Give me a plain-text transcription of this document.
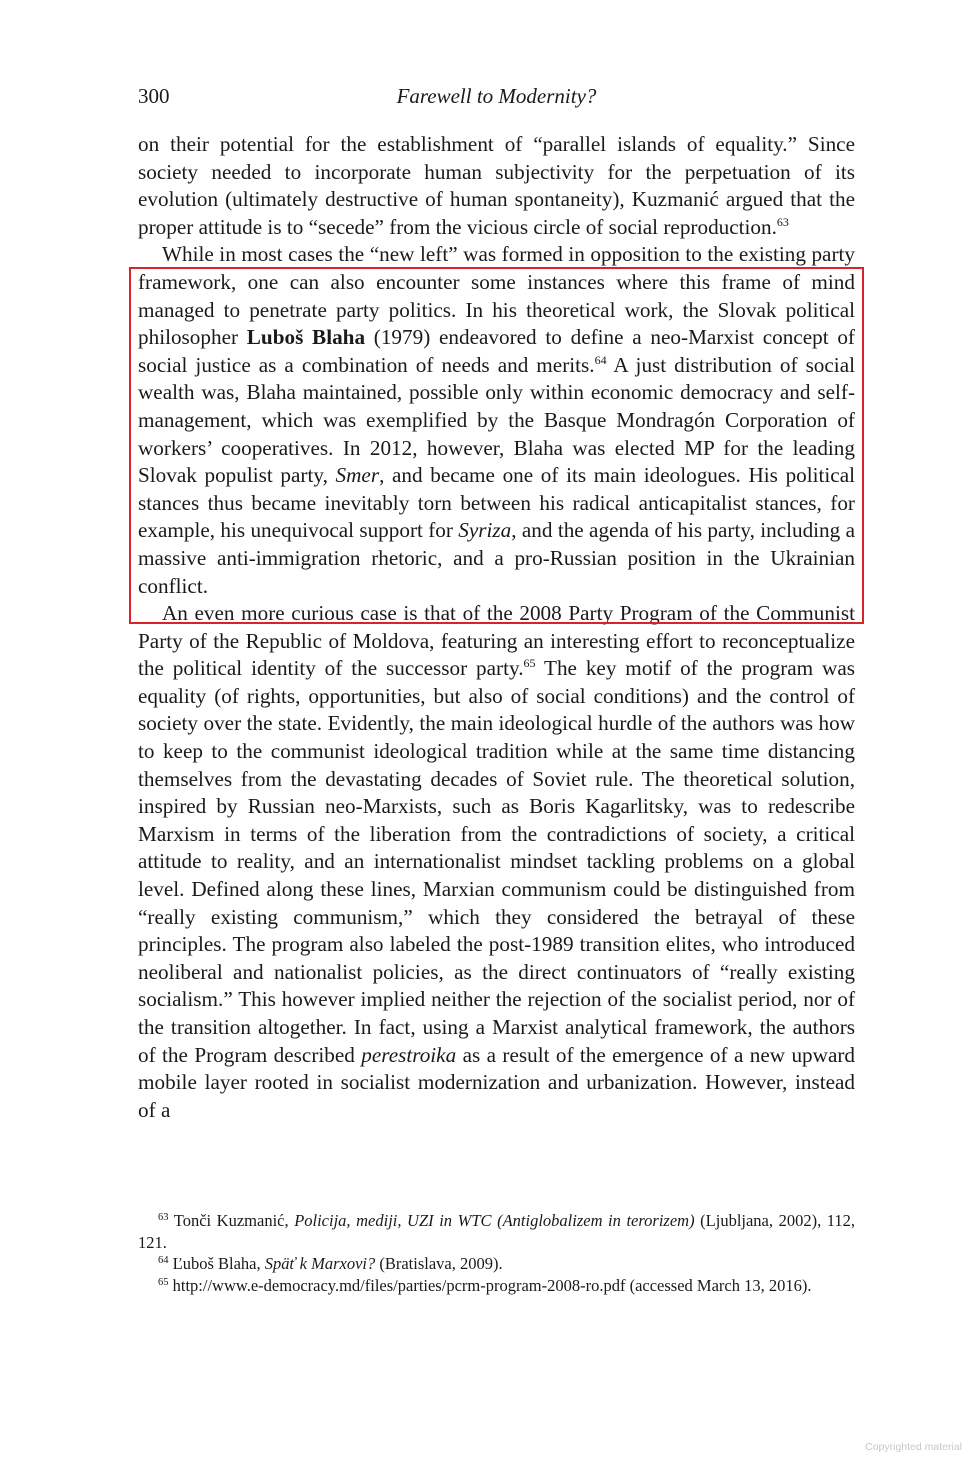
300	Farewell to Modernity?

on their potential for the establishment of “parallel islands of equality.” Since society needed to incorporate human subjectivity for the perpetuation of its evolution (ultimately destructive of human spontaneity), Kuzmanić argued that the proper attitude is to “secede” from the vicious circle of social reproduction.$^{63}$

While in most cases the “new left” was formed in opposition to the existing party framework, one can also encounter some instances where this frame of mind managed to penetrate party politics. In his theoretical work, the Slovak political philosopher Luboš Blaha (1979) endeavored to define a neo-Marxist concept of social justice as a combination of needs and merits.$^{64}$ A just distribution of social wealth was, Blaha maintained, possible only within economic democracy and self-management, which was exemplified by the Basque Mondragón Corporation of workers’ cooperatives. In 2012, however, Blaha was elected MP for the leading Slovak populist party, Smer, and became one of its main ideologues. His political stances thus became inevitably torn between his radical anticapitalist stances, for example, his unequivocal support for Syriza, and the agenda of his party, including a massive anti-immigration rhetoric, and a pro-Russian position in the Ukrainian conflict.

An even more curious case is that of the 2008 Party Program of the Communist Party of the Republic of Moldova, featuring an interesting effort to reconceptualize the political identity of the successor party.$^{65}$ The key motif of the program was equality (of rights, opportunities, but also of social conditions) and the control of society over the state. Evidently, the main ideological hurdle of the authors was how to keep to the communist ideological tradition while at the same time distancing themselves from the devastating decades of Soviet rule. The theoretical solution, inspired by Russian neo-Marxists, such as Boris Kagarlitsky, was to redescribe Marxism in terms of the liberation from the contradictions of society, a critical attitude to reality, and an internationalist mindset tackling problems on a global level. Defined along these lines, Marxian communism could be distinguished from “really existing communism,” which they considered the betrayal of these principles. The program also labeled the post-1989 transition elites, who introduced neoliberal and nationalist policies, as the direct continuators of “really existing socialism.” This however implied neither the rejection of the socialist period, nor of the transition altogether. In fact, using a Marxist analytical framework, the authors of the Program described perestroika as a result of the emergence of a new upward mobile layer rooted in socialist modernization and urbanization. However, instead of a

$^{63}$ Tonči Kuzmanić, Policija, mediji, UZI in WTC (Antiglobalizem in terorizem) (Ljubljana, 2002), 112, 121.

$^{64}$ Ľuboš Blaha, Späť k Marxovi? (Bratislava, 2009).

$^{65}$ http://www.e-democracy.md/files/parties/pcrm-program-2008-ro.pdf (accessed March 13, 2016).

Copyrighted material
